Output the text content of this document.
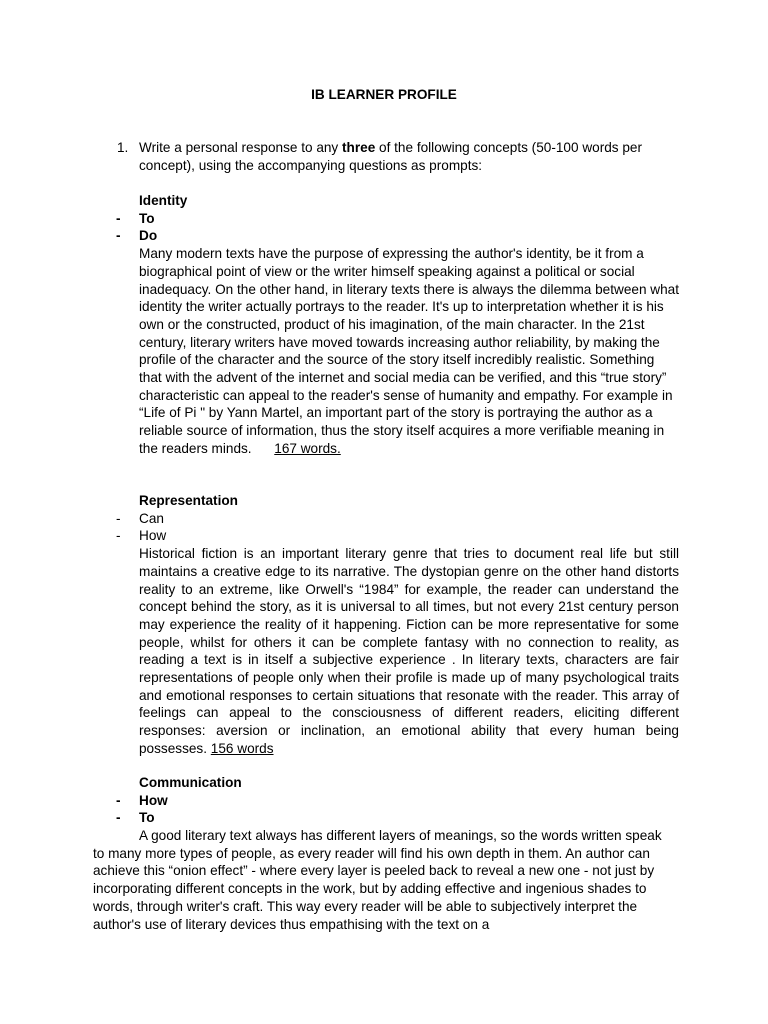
IB LEARNER PROFILE
1. Write a personal response to any three of the following concepts (50-100 words per concept), using the accompanying questions as prompts:
Identity
- To
- Do

Many modern texts have the purpose of expressing the author's identity, be it from a biographical point of view or the writer himself speaking against a political or social inadequacy. On the other hand, in literary texts there is always the dilemma between what identity the writer actually portrays to the reader. It's up to interpretation whether it is his own or the constructed, product of his imagination, of the main character. In the 21st century, literary writers have moved towards increasing author reliability, by making the profile of the character and the source of the story itself incredibly realistic. Something that with the advent of the internet and social media can be verified, and this “true story” characteristic can appeal to the reader's sense of humanity and empathy. For example in “Life of Pi " by Yann Martel, an important part of the story is portraying the author as a reliable source of information, thus the story itself acquires a more verifiable meaning in the readers minds. 167 words.

Representation
- Can
- How

Historical fiction is an important literary genre that tries to document real life but still maintains a creative edge to its narrative. The dystopian genre on the other hand distorts reality to an extreme, like Orwell's “1984” for example, the reader can understand the concept behind the story, as it is universal to all times, but not every 21st century person may experience the reality of it happening. Fiction can be more representative for some people, whilst for others it can be complete fantasy with no connection to reality, as reading a text is in itself a subjective experience . In literary texts, characters are fair representations of people only when their profile is made up of many psychological traits and emotional responses to certain situations that resonate with the reader. This array of feelings can appeal to the consciousness of different readers, eliciting different responses: aversion or inclination, an emotional ability that every human being possesses. 156 words

Communication
- How
- To

A good literary text always has different layers of meanings, so the words written speak to many more types of people, as every reader will find his own depth in them. An author can achieve this “onion effect” - where every layer is peeled back to reveal a new one - not just by incorporating different concepts in the work, but by adding effective and ingenious shades to words, through writer's craft. This way every reader will be able to subjectively interpret the author's use of literary devices thus empathising with the text on a
